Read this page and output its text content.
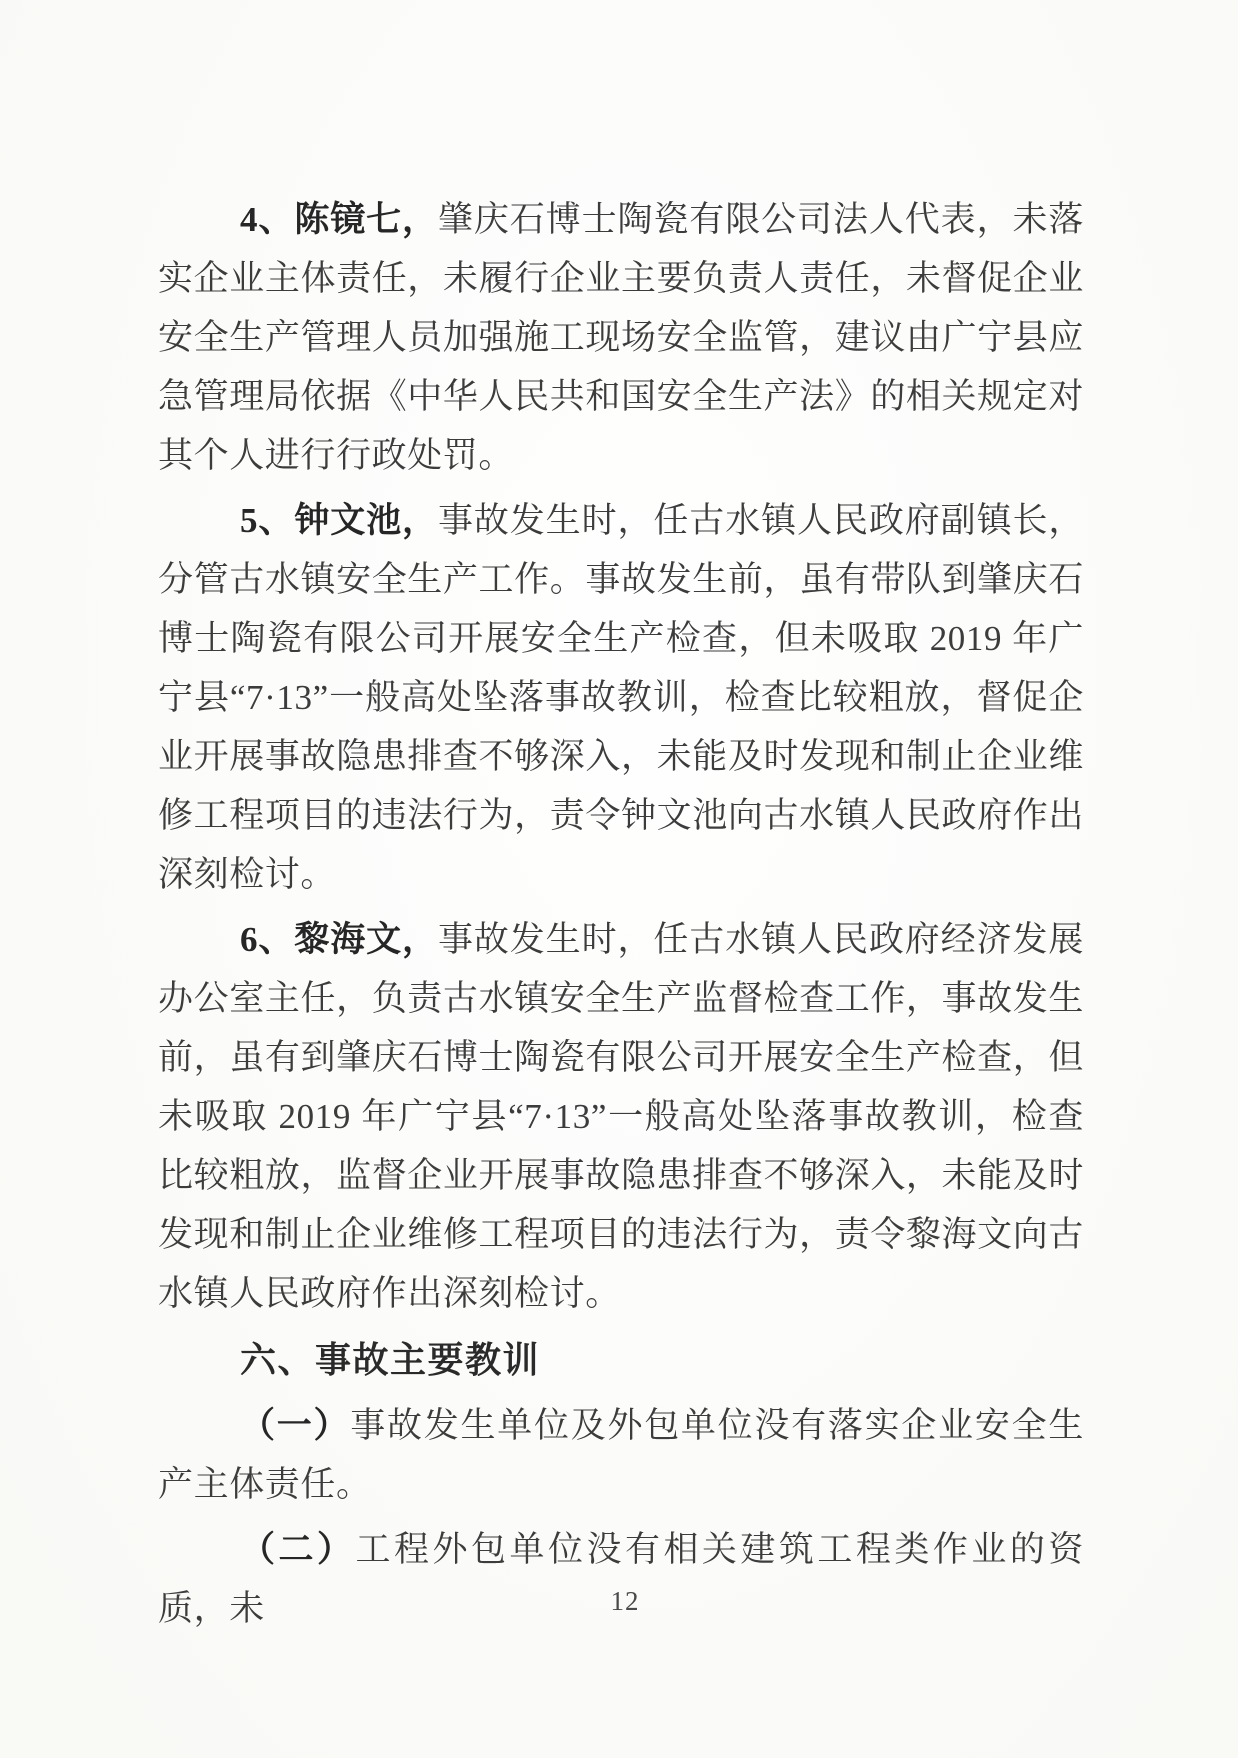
4、陈镜七，肇庆石博士陶瓷有限公司法人代表，未落实企业主体责任，未履行企业主要负责人责任，未督促企业安全生产管理人员加强施工现场安全监管，建议由广宁县应急管理局依据《中华人民共和国安全生产法》的相关规定对其个人进行行政处罚。

5、钟文池，事故发生时，任古水镇人民政府副镇长，分管古水镇安全生产工作。事故发生前，虽有带队到肇庆石博士陶瓷有限公司开展安全生产检查，但未吸取 2019 年广宁县“7·13”一般高处坠落事故教训，检查比较粗放，督促企业开展事故隐患排查不够深入，未能及时发现和制止企业维修工程项目的违法行为，责令钟文池向古水镇人民政府作出深刻检讨。

6、黎海文，事故发生时，任古水镇人民政府经济发展办公室主任，负责古水镇安全生产监督检查工作，事故发生前，虽有到肇庆石博士陶瓷有限公司开展安全生产检查，但未吸取 2019 年广宁县“7·13”一般高处坠落事故教训，检查比较粗放，监督企业开展事故隐患排查不够深入，未能及时发现和制止企业维修工程项目的违法行为，责令黎海文向古水镇人民政府作出深刻检讨。

六、事故主要教训

（一）事故发生单位及外包单位没有落实企业安全生产主体责任。

（二）工程外包单位没有相关建筑工程类作业的资质，未	12
